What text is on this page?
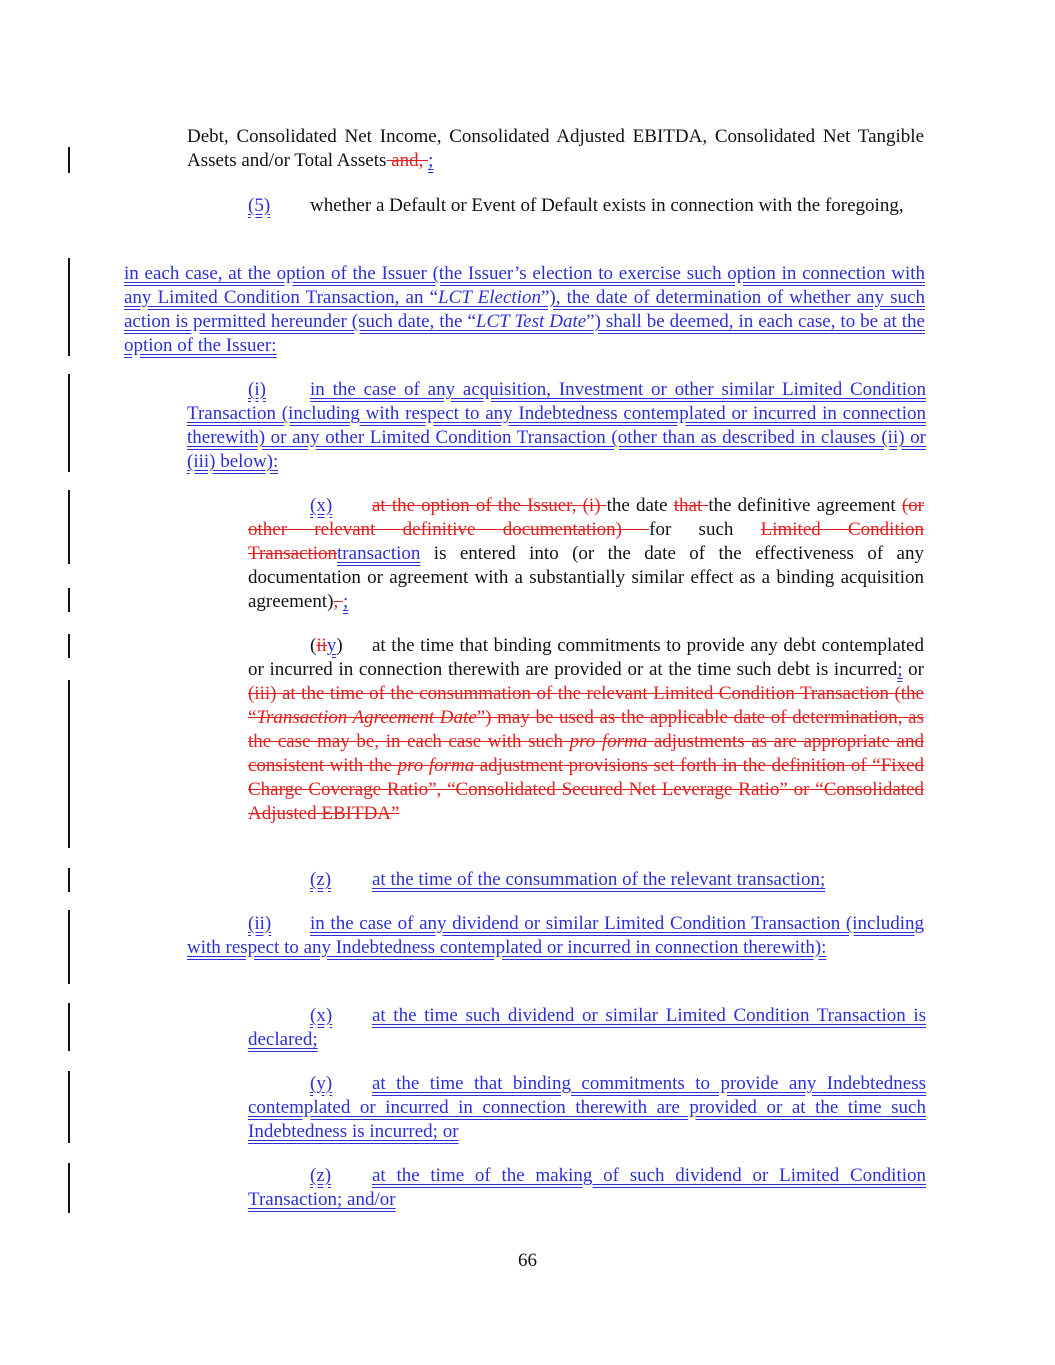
Debt, Consolidated Net Income, Consolidated Adjusted EBITDA, Consolidated Net Tangible Assets and/or Total Assets and, ;

(5) whether a Default or Event of Default exists in connection with the foregoing,

in each case, at the option of the Issuer (the Issuer’s election to exercise such option in connection with any Limited Condition Transaction, an “LCT Election”), the date of determination of whether any such action is permitted hereunder (such date, the “LCT Test Date”) shall be deemed, in each case, to be at the option of the Issuer:

(i) in the case of any acquisition, Investment or other similar Limited Condition Transaction (including with respect to any Indebtedness contemplated or incurred in connection therewith) or any other Limited Condition Transaction (other than as described in clauses (ii) or (iii) below):

(x) at the option of the Issuer, (i) the date that the definitive agreement (or other relevant definitive documentation) for such Limited Condition Transactiontransaction is entered into (or the date of the effectiveness of any documentation or agreement with a substantially similar effect as a binding acquisition agreement), ;

(iiy) at the time that binding commitments to provide any debt contemplated or incurred in connection therewith are provided or at the time such debt is incurred; or (iii) at the time of the consummation of the relevant Limited Condition Transaction (the “Transaction Agreement Date”) may be used as the applicable date of determination, as the case may be, in each case with such pro forma adjustments as are appropriate and consistent with the pro forma adjustment provisions set forth in the definition of “Fixed Charge Coverage Ratio”, “Consolidated Secured Net Leverage Ratio” or “Consolidated Adjusted EBITDA”

(z) at the time of the consummation of the relevant transaction;

(ii) in the case of any dividend or similar Limited Condition Transaction (including with respect to any Indebtedness contemplated or incurred in connection therewith):

(x) at the time such dividend or similar Limited Condition Transaction is declared;

(y) at the time that binding commitments to provide any Indebtedness contemplated or incurred in connection therewith are provided or at the time such Indebtedness is incurred; or

(z) at the time of the making of such dividend or Limited Condition Transaction; and/or

66
